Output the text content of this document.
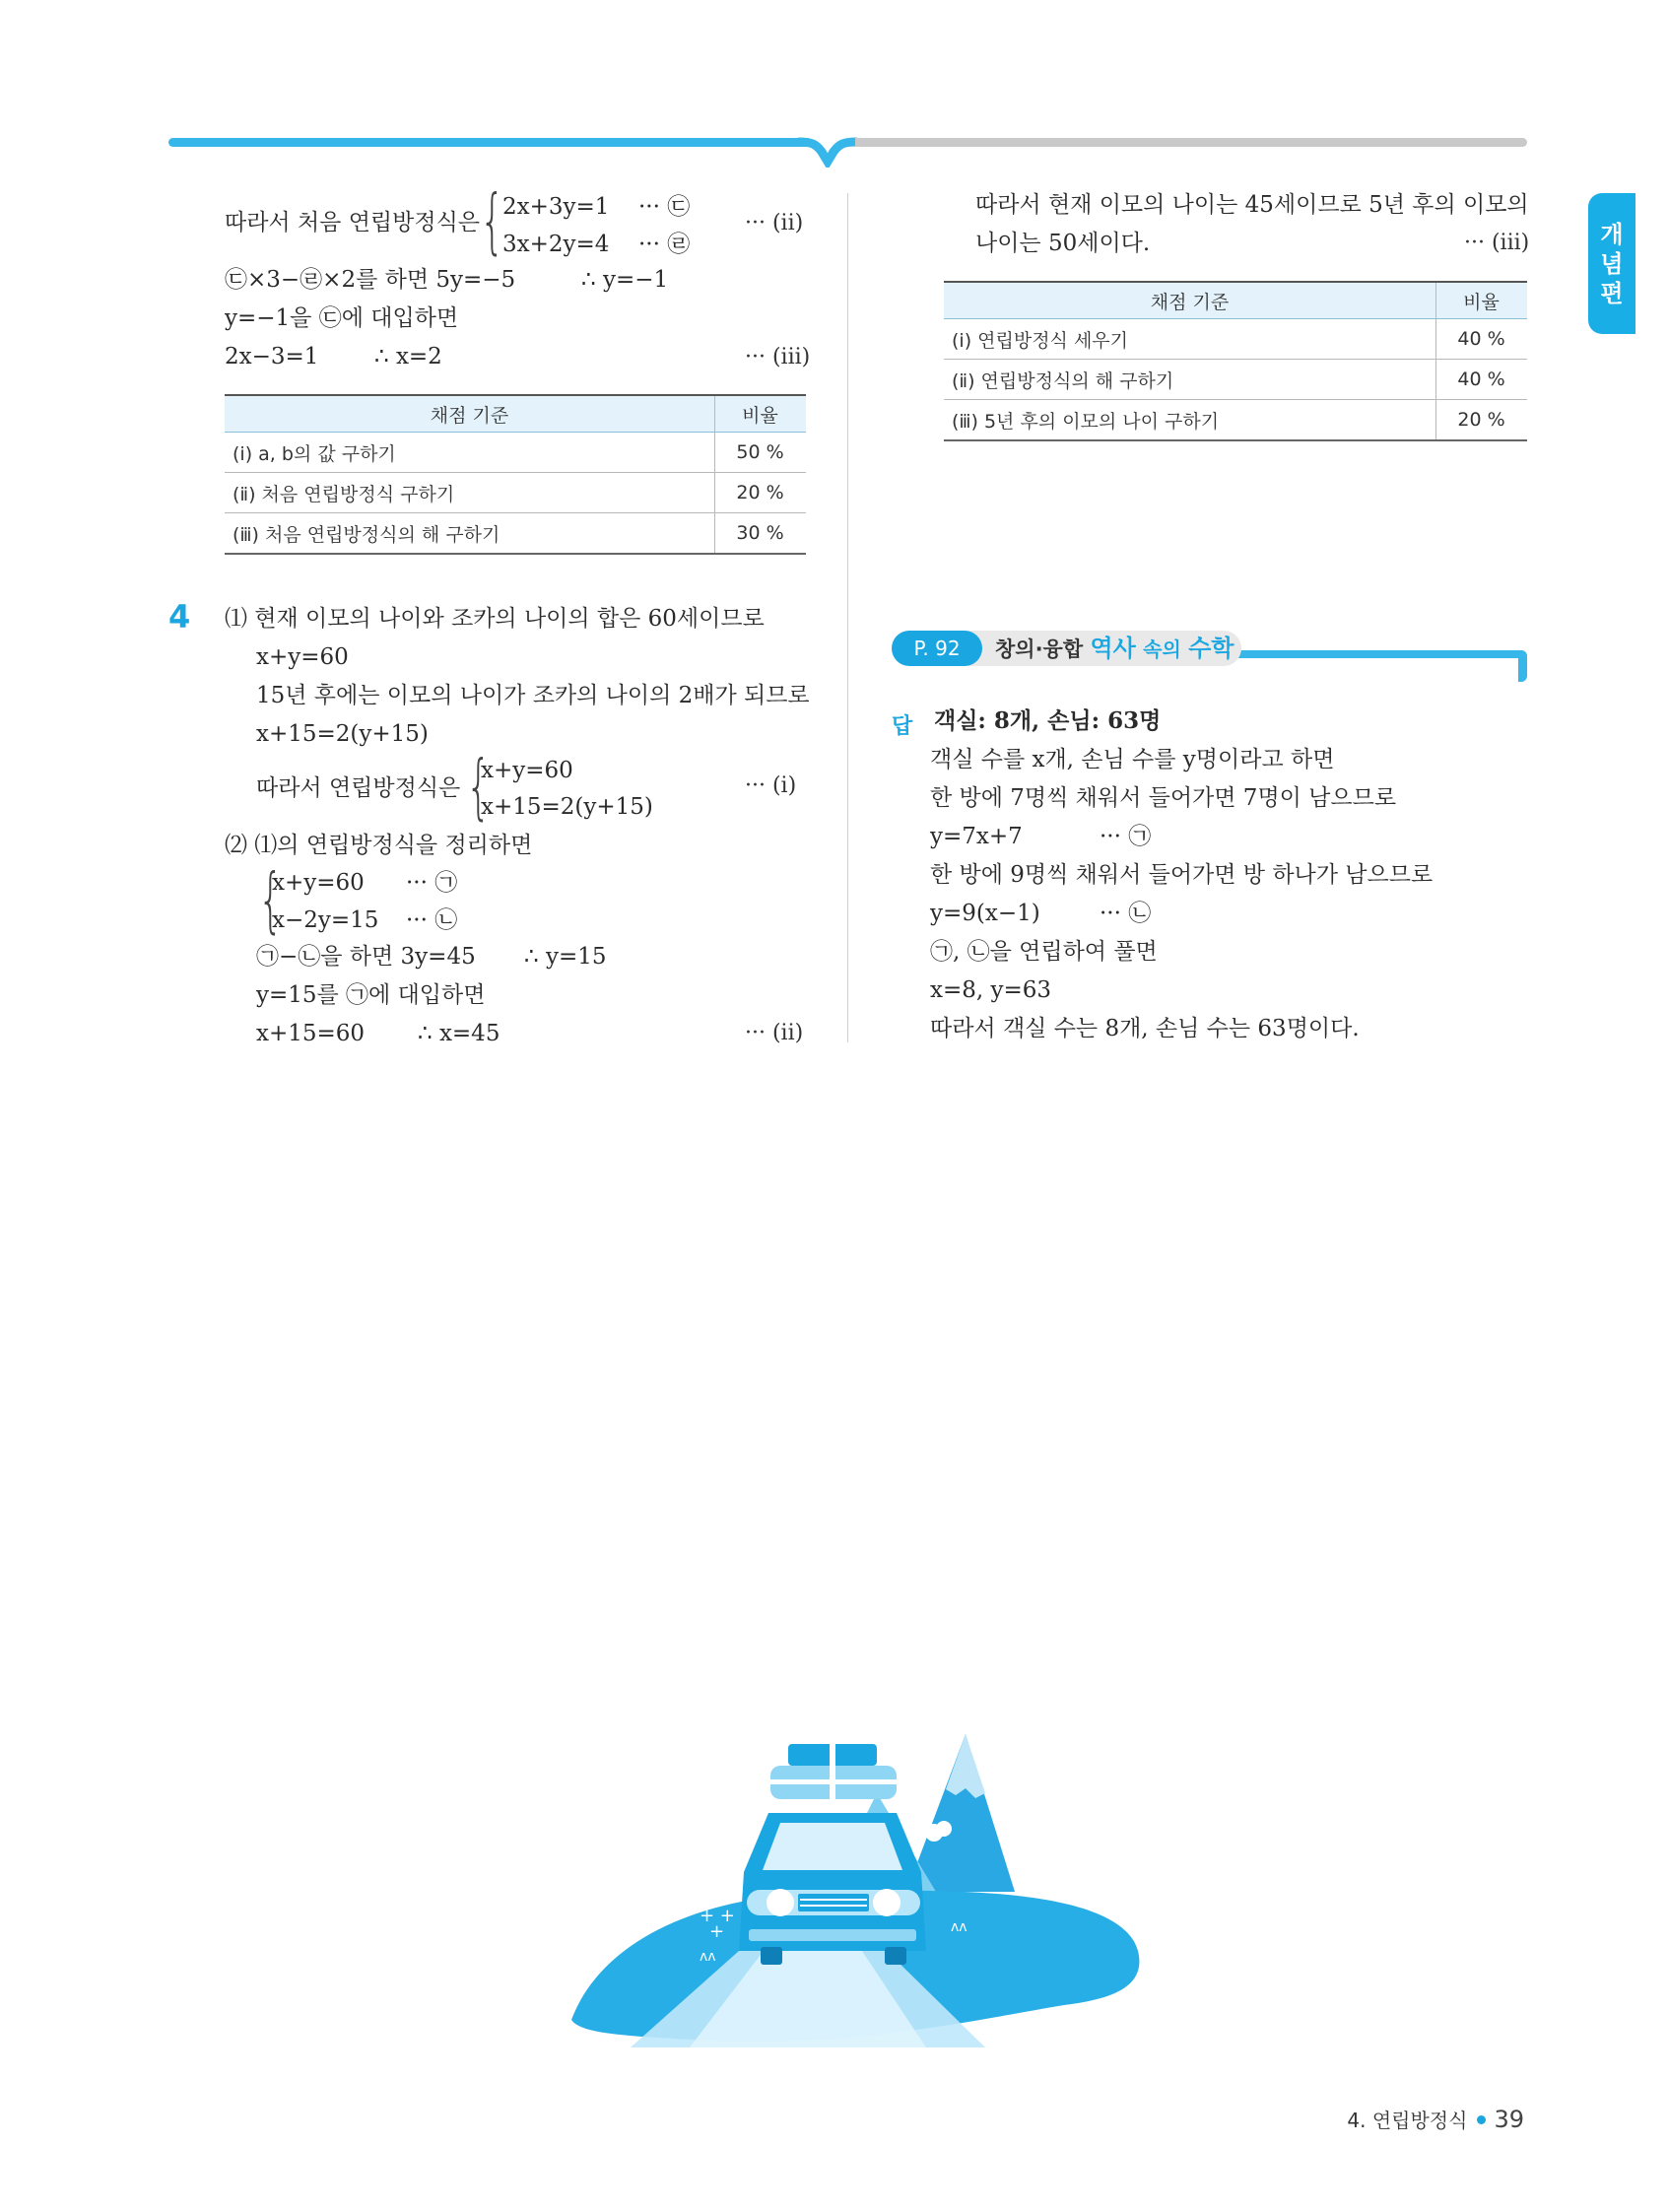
개
념
편
따라서 처음 연립방정식은 {
2x+3y=1 ··· ㉢
3x+2y=4 ··· ㉣
··· (ii)
㉢×3−㉣×2를 하면 5y=−5	∴ y=−1
y=−1을 ㉢에 대입하면
2x−3=1 ∴ x=2	··· (iii)
채점 기준	비율
(ⅰ) a, b의 값 구하기	50 %
(ⅱ) 처음 연립방정식 구하기	20 %
(ⅲ) 처음 연립방정식의 해 구하기	30 %
4 ⑴ 현재 이모의 나이와 조카의 나이의 합은 60세이므로
x+y=60
15년 후에는 이모의 나이가 조카의 나이의 2배가 되므로
x+15=2(y+15)
따라서 연립방정식은 {
x+y=60
x+15=2(y+15)
··· (i)
⑵ ⑴의 연립방정식을 정리하면
{
x+y=60 ··· ㉠
x−2y=15 ··· ㉡
㉠−㉡을 하면 3y=45 ∴ y=15
y=15를 ㉠에 대입하면
x+15=60 ∴ x=45	··· (ii)
따라서 현재 이모의 나이는 45세이므로 5년 후의 이모의
나이는 50세이다.	··· (iii)
채점 기준	비율
(ⅰ) 연립방정식 세우기	40 %
(ⅱ) 연립방정식의 해 구하기	40 %
(ⅲ) 5년 후의 이모의 나이 구하기	20 %
P. 92	창의·융합 역사 속의 수학
답 객실: 8개, 손님: 63명
객실 수를 x개, 손님 수를 y명이라고 하면
한 방에 7명씩 채워서 들어가면 7명이 남으므로
y=7x+7	··· ㉠
한 방에 9명씩 채워서 들어가면 방 하나가 남으므로
y=9(x−1)	··· ㉡
㉠, ㉡을 연립하여 풀면
x=8, y=63
따라서 객실 수는 8개, 손님 수는 63명이다.
+ +
+
ʌʌ
ʌʌ
4. 연립방정식 39
